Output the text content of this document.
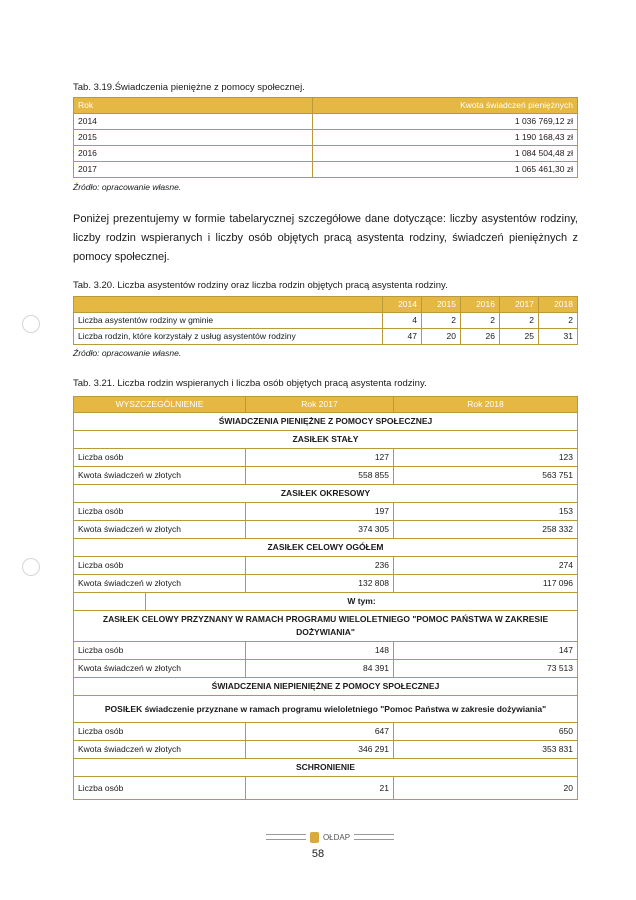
Tab. 3.19.Świadczenia pieniężne z pomocy społecznej.
Rok	Kwota świadczeń pieniężnych
2014	1 036 769,12 zł
2015	1 190 168,43 zł
2016	1 084 504,48 zł
2017	1 065 461,30 zł
Źródło: opracowanie własne.
Poniżej prezentujemy w formie tabelarycznej szczegółowe dane dotyczące: liczby asystentów rodziny, liczby rodzin wspieranych i liczby osób objętych pracą asystenta rodziny, świadczeń pieniężnych z pomocy społecznej.
Tab. 3.20. Liczba asystentów rodziny oraz liczba rodzin objętych pracą asystenta rodziny.
	2014	2015	2016	2017	2018
Liczba asystentów rodziny w gminie	4	2	2	2	2
Liczba rodzin, które korzystały z usług asystentów rodziny	47	20	26	25	31
Źródło: opracowanie własne.
Tab. 3.21. Liczba rodzin wspieranych i liczba osób objętych pracą asystenta rodziny.
WYSZCZEGÓLNIENIE		Rok 2017	Rok 2018
ŚWIADCZENIA PIENIĘŻNE Z POMOCY SPOŁECZNEJ			
ZASIŁEK STAŁY			
Liczba osób		127	123
Kwota świadczeń w złotych		558 855	563 751
ZASIŁEK OKRESOWY			
Liczba osób		197	153
Kwota świadczeń w złotych		374 305	258 332
ZASIŁEK CELOWY OGÓŁEM			
Liczba osób		236	274
Kwota świadczeń w złotych		132 808	117 096
	W tym:		
ZASIŁEK CELOWY PRZYZNANY W RAMACH PROGRAMU WIELOLETNIEGO "POMOC PAŃSTWA W ZAKRESIE DOŻYWIANIA"			
Liczba osób		148	147
Kwota świadczeń w złotych		84 391	73 513
ŚWIADCZENIA NIEPIENIĘŻNE Z POMOCY SPOŁECZNEJ			
POSIŁEK świadczenie przyznane w ramach programu wieloletniego "Pomoc Państwa w zakresie dożywiania"			
Liczba osób		647	650
Kwota świadczeń w złotych		346 291	353 831
SCHRONIENIE			
Liczba osób		21	20
OŁDAP
58
